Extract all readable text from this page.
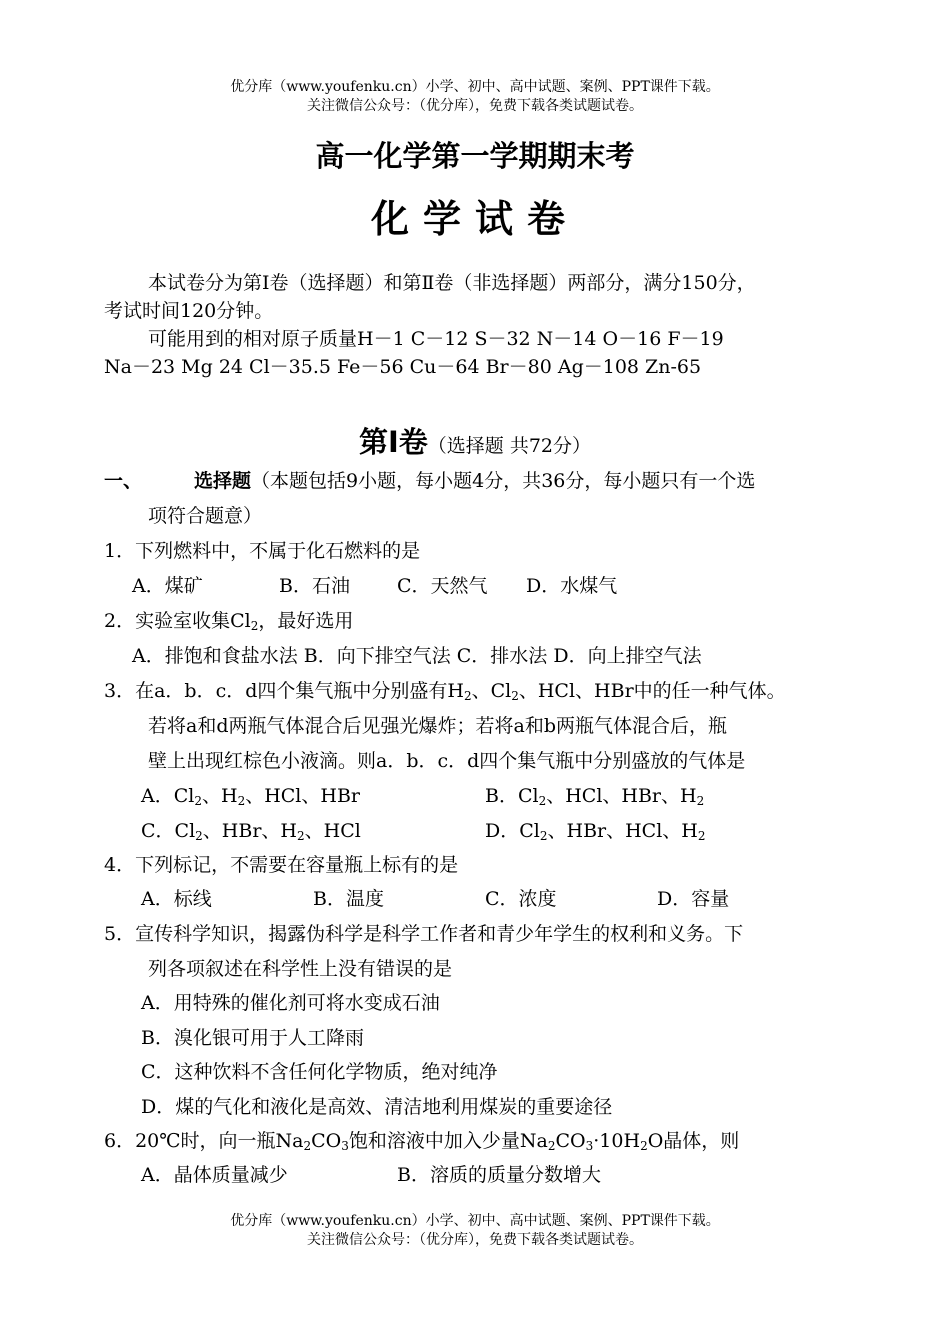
优分库（www.youfenku.cn）小学、初中、高中试题、案例、PPT课件下载。
关注微信公众号：（优分库），免费下载各类试题试卷。
高一化学第一学期期末考
化学试卷
本试卷分为第Ⅰ卷（选择题）和第Ⅱ卷（非选择题）两部分，满分150分，
考试时间120分钟。
可能用到的相对原子质量H－1 C－12 S－32 N－14 O－16 F－19
Na－23 Mg 24 Cl－35.5 Fe－56 Cu－64 Br－80 Ag－108 Zn-65
第Ⅰ卷（选择题 共72分）
一、	选择题（本题包括9小题，每小题4分，共36分，每小题只有一个选
项符合题意）
1．下列燃料中，不属于化石燃料的是
A．煤矿	B．石油 C．天然气 D．水煤气
2．实验室收集$Cl_2$，最好选用
A．排饱和食盐水法 B．向下排空气法 C．排水法 D．向上排空气法
3．在a．b．c．d四个集气瓶中分别盛有$H_2$、$Cl_2$、HCl、HBr中的任一种气体。
若将a和d两瓶气体混合后见强光爆炸；若将a和b两瓶气体混合后，瓶
壁上出现红棕色小液滴。则a．b．c．d四个集气瓶中分别盛放的气体是
A．$Cl_2$、$H_2$、HCl、HBr	B．$Cl_2$、HCl、HBr、$H_2$
C．$Cl_2$、HBr、$H_2$、HCl	D．$Cl_2$、HBr、HCl、$H_2$
4．下列标记，不需要在容量瓶上标有的是
A．标线	B．温度	C．浓度	D．容量
5．宣传科学知识，揭露伪科学是科学工作者和青少年学生的权利和义务。下
列各项叙述在科学性上没有错误的是
A．用特殊的催化剂可将水变成石油
B．溴化银可用于人工降雨
C．这种饮料不含任何化学物质，绝对纯净
D．煤的气化和液化是高效、清洁地利用煤炭的重要途径
6．20℃时，向一瓶$Na_2CO_3$饱和溶液中加入少量$Na_2CO_3\cdot 10H_2O$晶体，则
A．晶体质量减少	B．溶质的质量分数增大
优分库（www.youfenku.cn）小学、初中、高中试题、案例、PPT课件下载。
关注微信公众号：（优分库），免费下载各类试题试卷。
